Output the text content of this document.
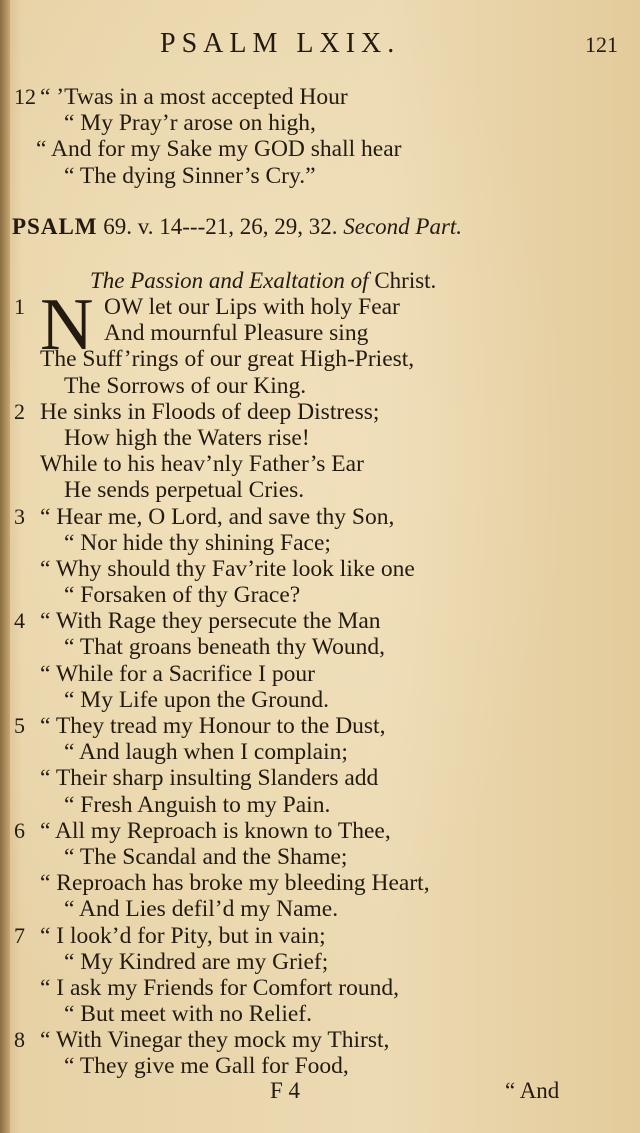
PSALM LXIX.	121
12 “ ’Twas in a most accepted Hour
“ My Pray’r arose on high,
“ And for my Sake my GOD shall hear
“ The dying Sinner’s Cry.”
PSALM 69. v. 14---21, 26, 29, 32. Second Part.
The Passion and Exaltation of Christ.
N
1	OW let our Lips with holy Fear
And mournful Pleasure sing
The Suff’rings of our great High-Priest,
The Sorrows of our King.
2 He sinks in Floods of deep Distress;
How high the Waters rise!
While to his heav’nly Father’s Ear
He sends perpetual Cries.
3 “ Hear me, O Lord, and save thy Son,
“ Nor hide thy shining Face;
“ Why should thy Fav’rite look like one
“ Forsaken of thy Grace?
4 “ With Rage they persecute the Man
“ That groans beneath thy Wound,
“ While for a Sacrifice I pour
“ My Life upon the Ground.
5 “ They tread my Honour to the Dust,
“ And laugh when I complain;
“ Their sharp insulting Slanders add
“ Fresh Anguish to my Pain.
6 “ All my Reproach is known to Thee,
“ The Scandal and the Shame;
“ Reproach has broke my bleeding Heart,
“ And Lies defil’d my Name.
7 “ I look’d for Pity, but in vain;
“ My Kindred are my Grief;
“ I ask my Friends for Comfort round,
“ But meet with no Relief.
8 “ With Vinegar they mock my Thirst,
“ They give me Gall for Food,
F 4	“ And
